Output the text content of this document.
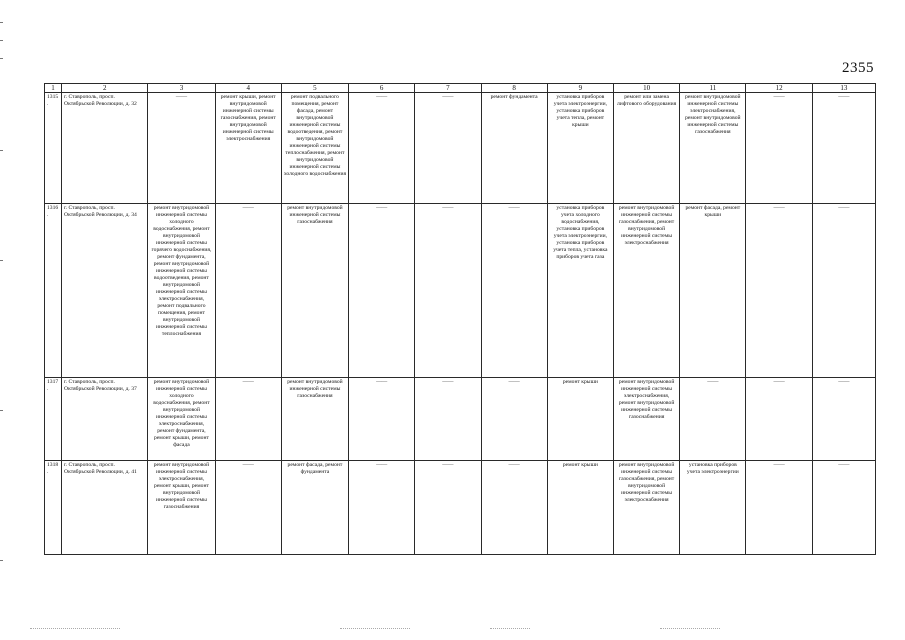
2355
1	2	3	4	5	6	7	8	9	10	11	12	13
1315.	г. Ставрополь, просп. Октябрьской Революции, д. 32	——	ремонт крыши, ремонт внутридомовой инженерной системы газоснабжения, ремонт внутридомовой инженерной системы электроснабжения	ремонт подвального помещения, ремонт фасада, ремонт внутридомовой инженерной системы водоотведения, ремонт внутридомовой инженерной системы теплоснабжения, ремонт внутридомовой инженерной системы холодного водоснабжения	——	——	ремонт фундамента	установка приборов учета электроэнергии, установка приборов учета тепла, ремонт крыши	ремонт или замена лифтового оборудования	ремонт внутридомовой инженерной системы электроснабжения, ремонт внутридомовой инженерной системы газоснабжения	——	——
1316.	г. Ставрополь, просп. Октябрьской Революции, д. 34	ремонт внутридомовой инженерной системы холодного водоснабжения, ремонт внутридомовой инженерной системы горячего водоснабжения, ремонт фундамента, ремонт внутридомовой инженерной системы водоотведения, ремонт внутридомовой инженерной системы электроснабжения, ремонт подвального помещения, ремонт внутридомовой инженерной системы теплоснабжения	——	ремонт внутридомовой инженерной системы газоснабжения	——	——	——	установка приборов учета холодного водоснабжения, установка приборов учета электроэнергии, установка приборов учета тепла, установка приборов учета газа	ремонт внутридомовой инженерной системы газоснабжения, ремонт внутридомовой инженерной системы электроснабжения	ремонт фасада, ремонт крыши	——	——
1317.	г. Ставрополь, просп. Октябрьской Революции, д. 37	ремонт внутридомовой инженерной системы холодного водоснабжения, ремонт внутридомовой инженерной системы электроснабжения, ремонт фундамента, ремонт крыши, ремонт фасада	——	ремонт внутридомовой инженерной системы газоснабжения	——	——	——	ремонт крыши	ремонт внутридомовой инженерной системы электроснабжения, ремонт внутридомовой инженерной системы газоснабжения	——	——	——
1318.	г. Ставрополь, просп. Октябрьской Революции, д. 41	ремонт внутридомовой инженерной системы электроснабжения, ремонт крыши, ремонт внутридомовой инженерной системы газоснабжения	——	ремонт фасада, ремонт фундамента	——	——	——	ремонт крыши	ремонт внутридомовой инженерной системы газоснабжения, ремонт внутридомовой инженерной системы электроснабжения	установка приборов учета электроэнергии	——	——
